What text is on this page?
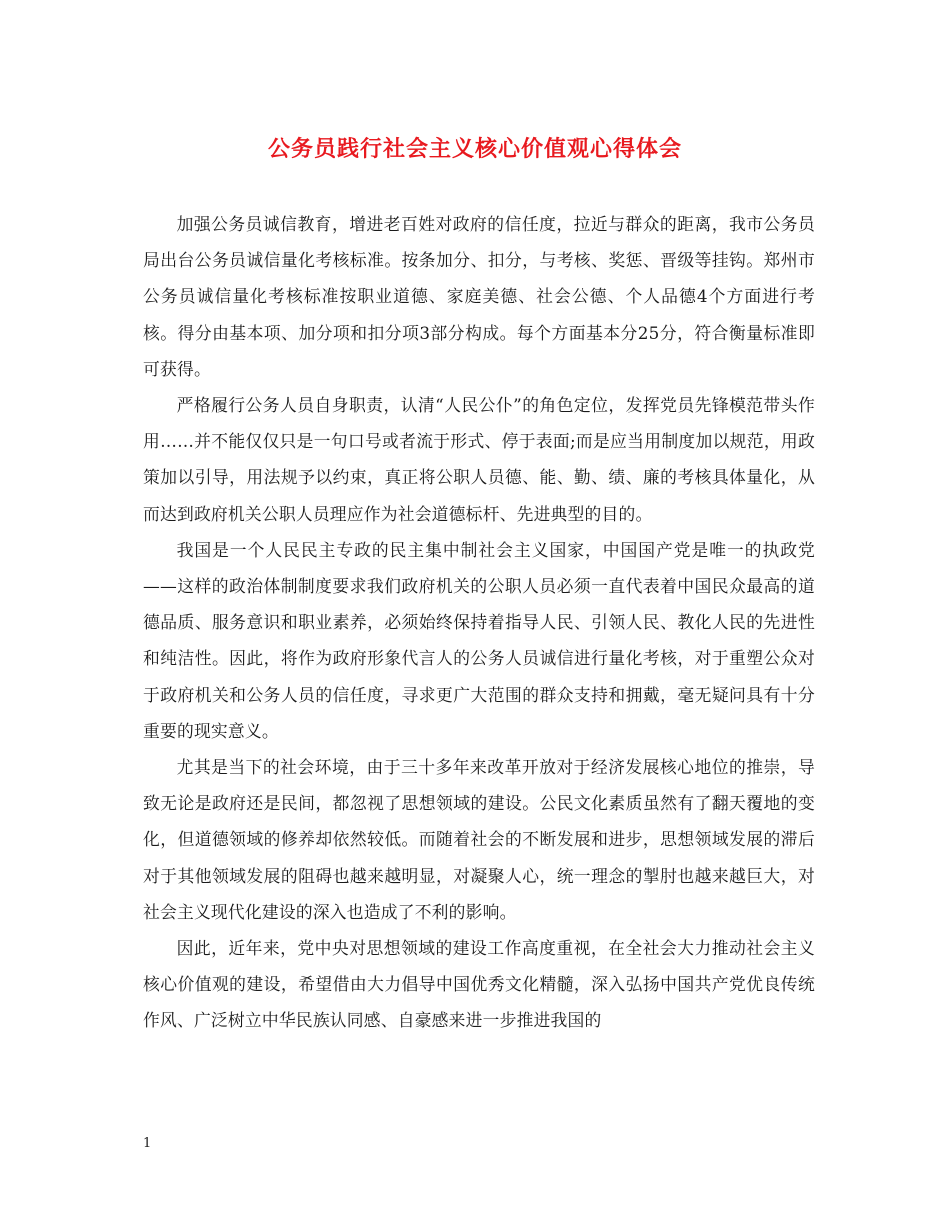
公务员践行社会主义核心价值观心得体会

加强公务员诚信教育，增进老百姓对政府的信任度，拉近与群众的距离，我市公务员局出台公务员诚信量化考核标准。按条加分、扣分，与考核、奖惩、晋级等挂钩。郑州市公务员诚信量化考核标准按职业道德、家庭美德、社会公德、个人品德4个方面进行考核。得分由基本项、加分项和扣分项3部分构成。每个方面基本分25分，符合衡量标准即可获得。

严格履行公务人员自身职责，认清“人民公仆”的角色定位，发挥党员先锋模范带头作用……并不能仅仅只是一句口号或者流于形式、停于表面;而是应当用制度加以规范，用政策加以引导，用法规予以约束，真正将公职人员德、能、勤、绩、廉的考核具体量化，从而达到政府机关公职人员理应作为社会道德标杆、先进典型的目的。

我国是一个人民民主专政的民主集中制社会主义国家，中国国产党是唯一的执政党——这样的政治体制制度要求我们政府机关的公职人员必须一直代表着中国民众最高的道德品质、服务意识和职业素养，必须始终保持着指导人民、引领人民、教化人民的先进性和纯洁性。因此，将作为政府形象代言人的公务人员诚信进行量化考核，对于重塑公众对于政府机关和公务人员的信任度，寻求更广大范围的群众支持和拥戴，毫无疑问具有十分重要的现实意义。

尤其是当下的社会环境，由于三十多年来改革开放对于经济发展核心地位的推崇，导致无论是政府还是民间，都忽视了思想领域的建设。公民文化素质虽然有了翻天覆地的变化，但道德领域的修养却依然较低。而随着社会的不断发展和进步，思想领域发展的滞后对于其他领域发展的阻碍也越来越明显，对凝聚人心，统一理念的掣肘也越来越巨大，对社会主义现代化建设的深入也造成了不利的影响。

因此，近年来，党中央对思想领域的建设工作高度重视，在全社会大力推动社会主义核心价值观的建设，希望借由大力倡导中国优秀文化精髓，深入弘扬中国共产党优良传统作风、广泛树立中华民族认同感、自豪感来进一步推进我国的

1
